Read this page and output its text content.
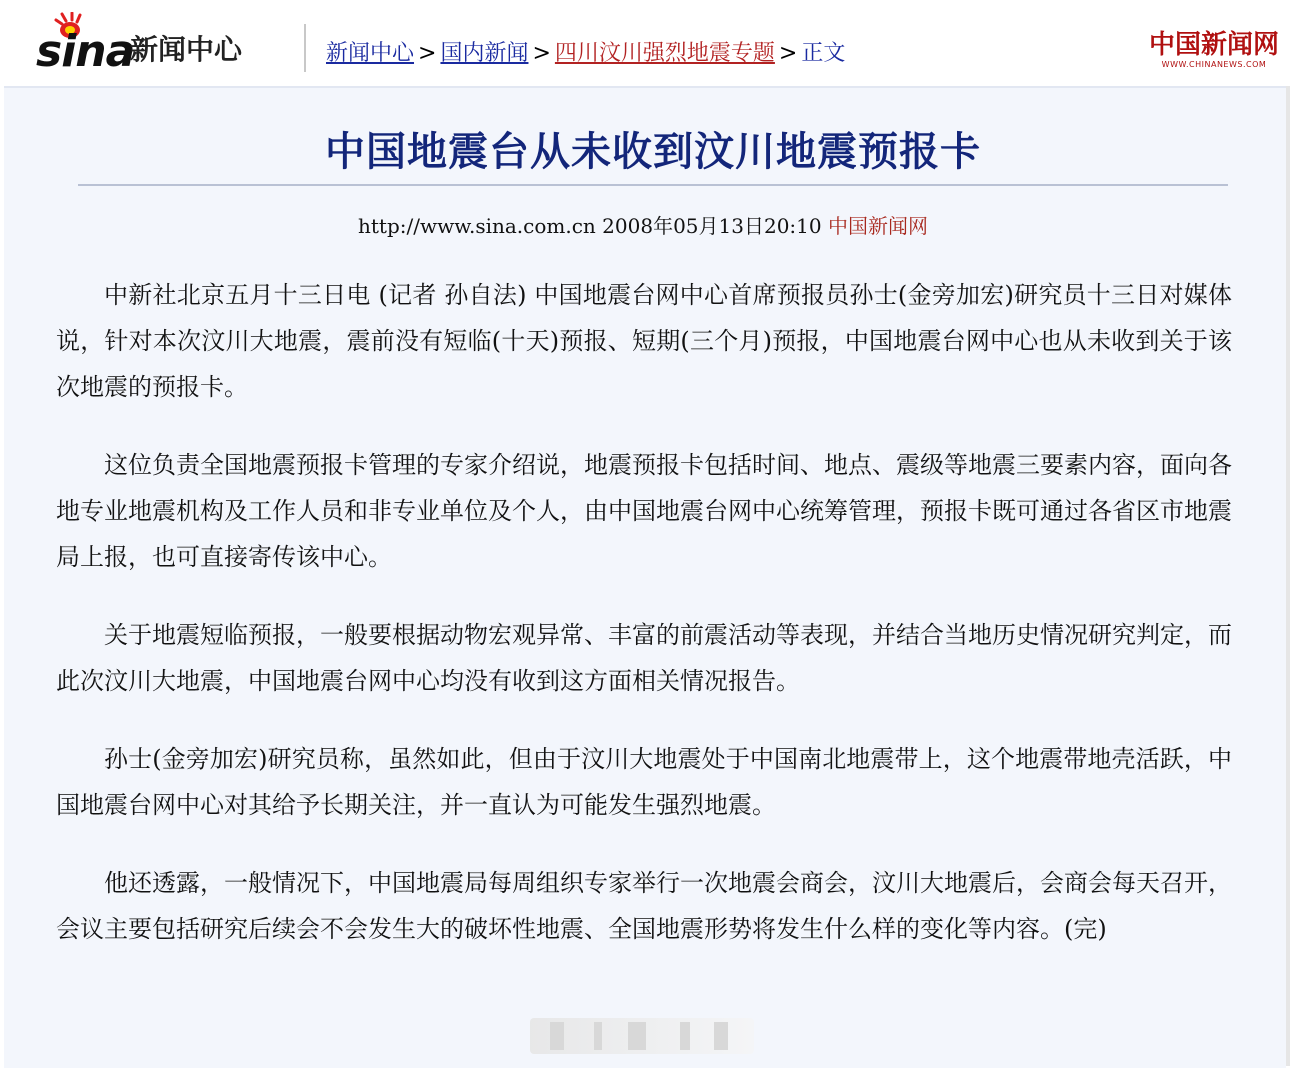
sina
新闻中心	新闻中心 > 国内新闻 > 四川汶川强烈地震专题 > 正文	中国新闻网
WWW.CHINANEWS.COM
中国地震台从未收到汶川地震预报卡
http://www.sina.com.cn 2008年05月13日20:10 中国新闻网

中新社北京五月十三日电 (记者 孙自法) 中国地震台网中心首席预报员孙士(金旁加宏)研究员十三日对媒体说，针对本次汶川大地震，震前没有短临(十天)预报、短期(三个月)预报，中国地震台网中心也从未收到关于该次地震的预报卡。

这位负责全国地震预报卡管理的专家介绍说，地震预报卡包括时间、地点、震级等地震三要素内容，面向各地专业地震机构及工作人员和非专业单位及个人，由中国地震台网中心统筹管理，预报卡既可通过各省区市地震局上报，也可直接寄传该中心。

关于地震短临预报，一般要根据动物宏观异常、丰富的前震活动等表现，并结合当地历史情况研究判定，而此次汶川大地震，中国地震台网中心均没有收到这方面相关情况报告。

孙士(金旁加宏)研究员称，虽然如此，但由于汶川大地震处于中国南北地震带上，这个地震带地壳活跃，中国地震台网中心对其给予长期关注，并一直认为可能发生强烈地震。

他还透露，一般情况下，中国地震局每周组织专家举行一次地震会商会，汶川大地震后，会商会每天召开，会议主要包括研究后续会不会发生大的破坏性地震、全国地震形势将发生什么样的变化等内容。(完)
